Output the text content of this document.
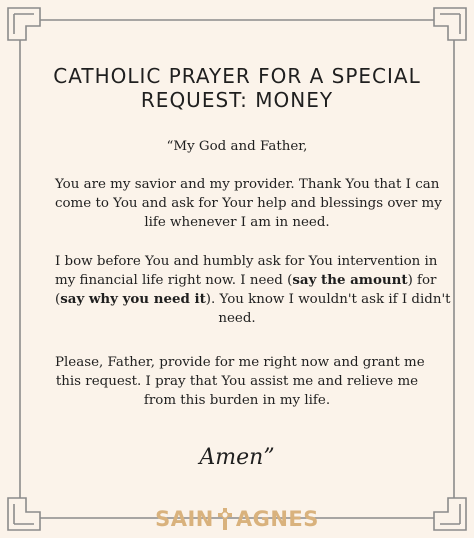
CATHOLIC PRAYER FOR A SPECIAL
REQUEST: MONEY
“My God and Father,
You are my savior and my provider. Thank You that I can
come to You and ask for Your help and blessings over my
life whenever I am in need.
I bow before You and humbly ask for You intervention in
my financial life right now. I need (say the amount) for
(say why you need it). You know I wouldn't ask if I didn't
need.
Please, Father, provide for me right now and grant me
this request. I pray that You assist me and relieve me
from this burden in my life.
Amen”
SAIN AGNES
